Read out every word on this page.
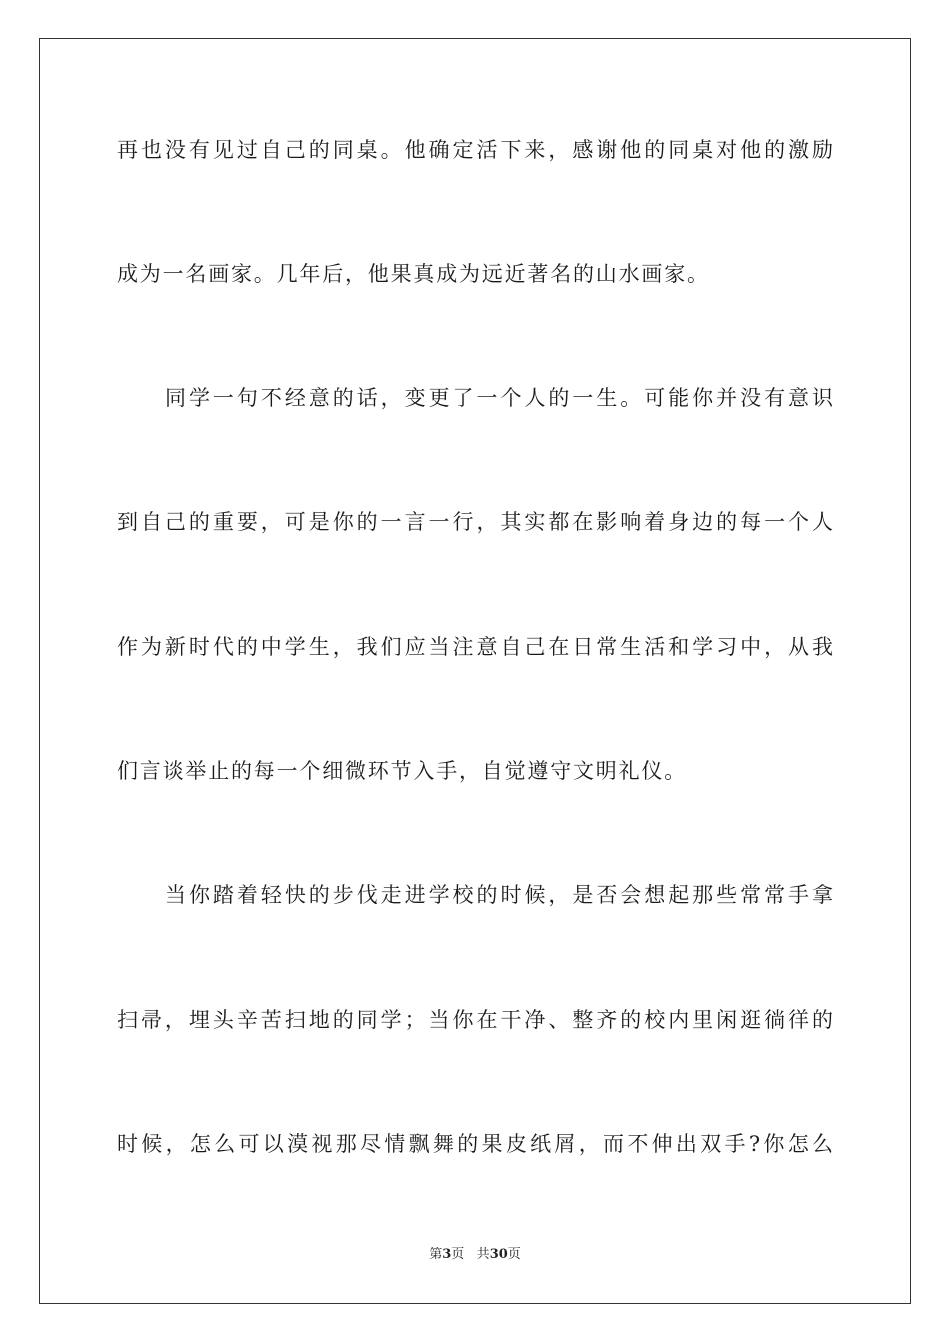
再也没有见过自己的同桌。他确定活下来，感谢他的同桌对他的激励
成为一名画家。几年后，他果真成为远近著名的山水画家。
同学一句不经意的话，变更了一个人的一生。可能你并没有意识
到自己的重要，可是你的一言一行，其实都在影响着身边的每一个人
作为新时代的中学生，我们应当注意自己在日常生活和学习中，从我
们言谈举止的每一个细微环节入手，自觉遵守文明礼仪。
当你踏着轻快的步伐走进学校的时候，是否会想起那些常常手拿
扫帚，埋头辛苦扫地的同学；当你在干净、整齐的校内里闲逛徜徉的
时候，怎么可以漠视那尽情飘舞的果皮纸屑，而不伸出双手?你怎么
第3页 共30页
